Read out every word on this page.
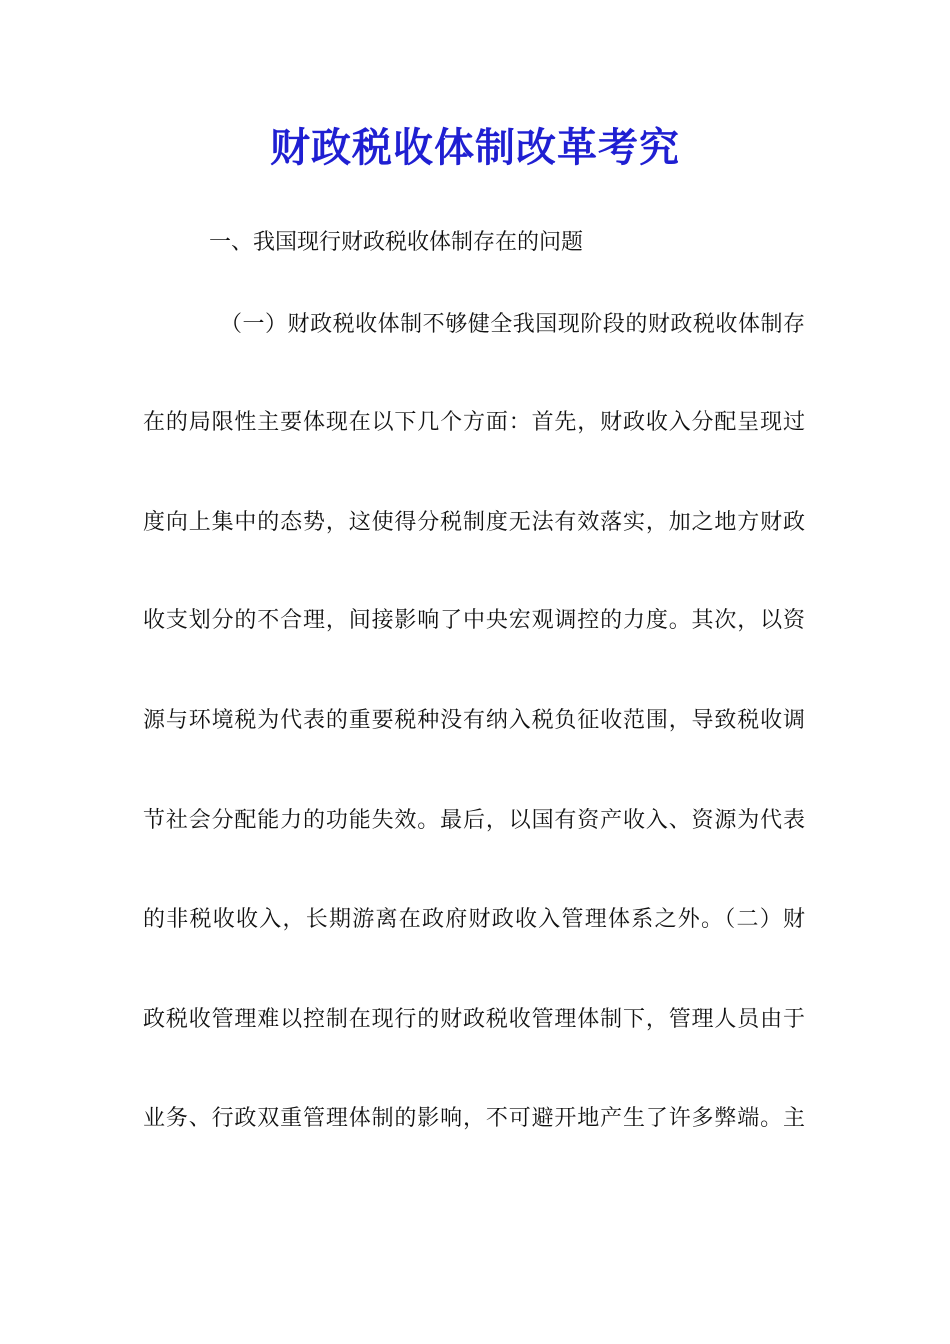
财政税收体制改革考究
一、我国现行财政税收体制存在的问题
（一）财政税收体制不够健全我国现阶段的财政税收体制存
在的局限性主要体现在以下几个方面：首先，财政收入分配呈现过
度向上集中的态势，这使得分税制度无法有效落实，加之地方财政
收支划分的不合理，间接影响了中央宏观调控的力度。其次，以资
源与环境税为代表的重要税种没有纳入税负征收范围，导致税收调
节社会分配能力的功能失效。最后，以国有资产收入、资源为代表
的非税收收入，长期游离在政府财政收入管理体系之外。（二）财
政税收管理难以控制在现行的财政税收管理体制下，管理人员由于
业务、行政双重管理体制的影响，不可避开地产生了许多弊端。主
